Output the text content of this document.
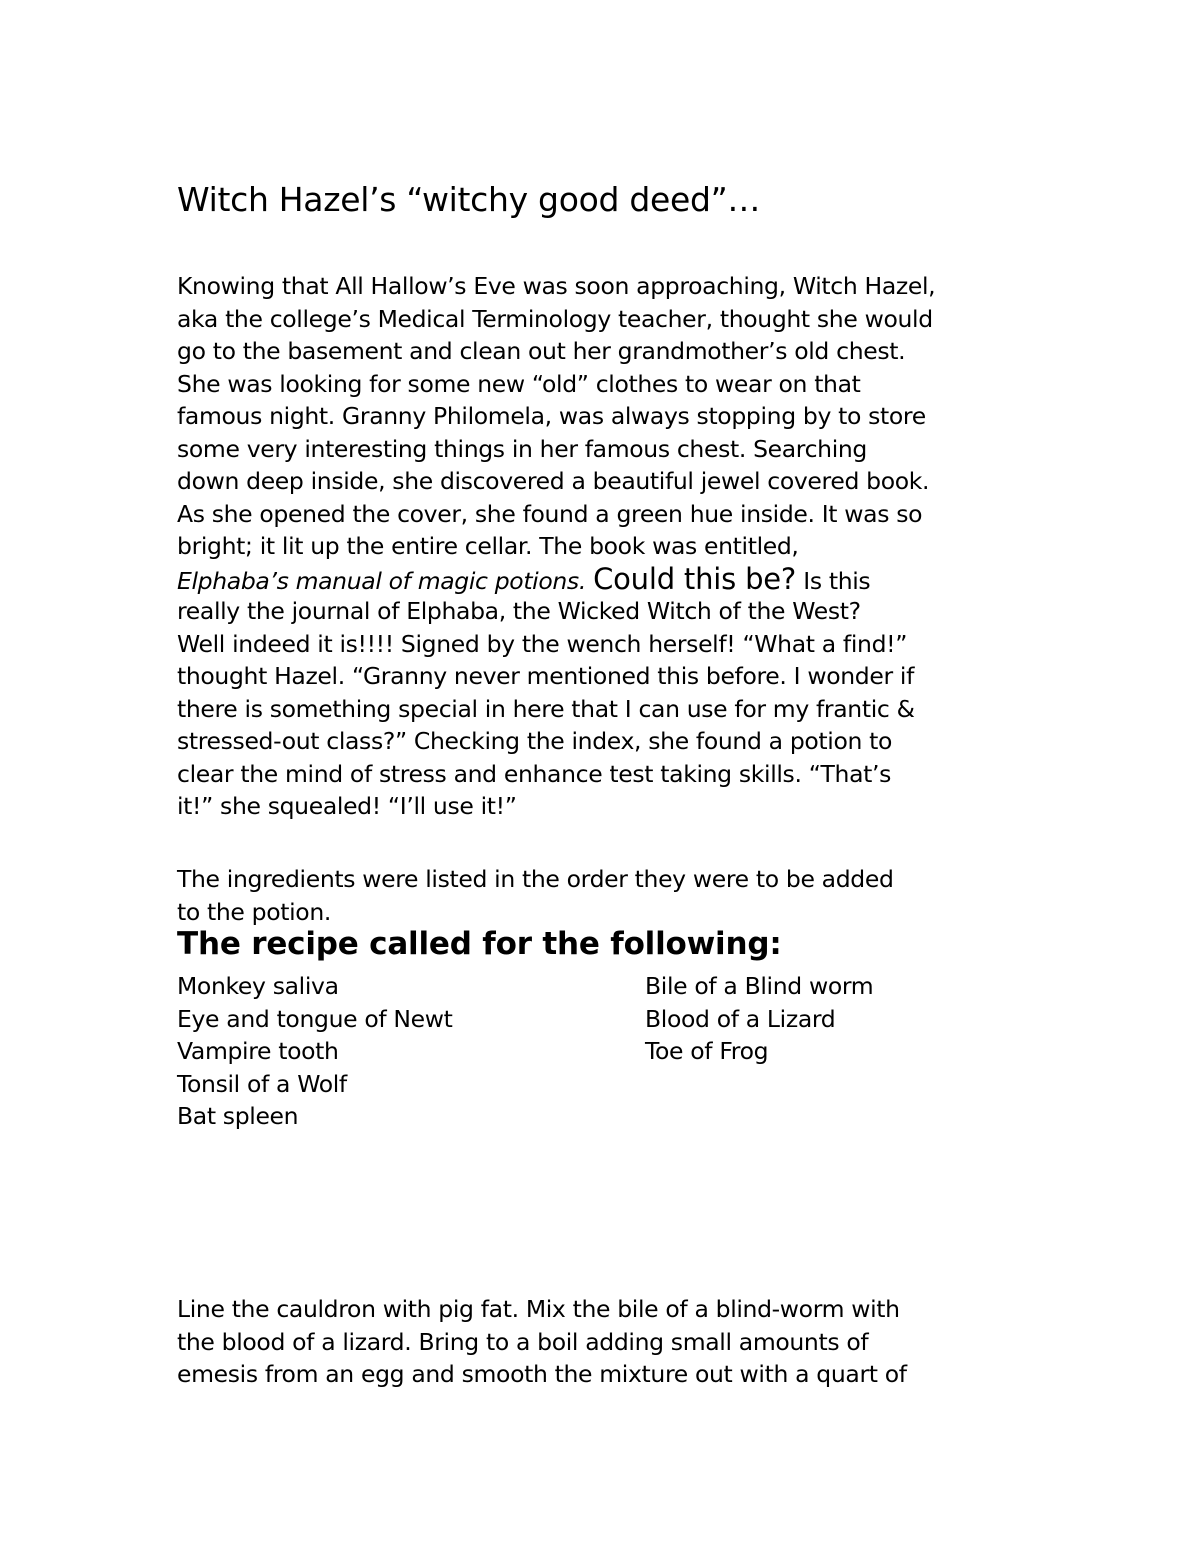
Witch Hazel’s “witchy good deed”…
Knowing that All Hallow’s Eve was soon approaching, Witch Hazel,
aka the college’s Medical Terminology teacher, thought she would
go to the basement and clean out her grandmother’s old chest.
She was looking for some new “old” clothes to wear on that
famous night. Granny Philomela, was always stopping by to store
some very interesting things in her famous chest. Searching
down deep inside, she discovered a beautiful jewel covered book.
As she opened the cover, she found a green hue inside. It was so
bright; it lit up the entire cellar. The book was entitled,
Elphaba’s manual of magic potions. Could this be? Is this
really the journal of Elphaba, the Wicked Witch of the West?
Well indeed it is!!!! Signed by the wench herself! “What a find!”
thought Hazel. “Granny never mentioned this before. I wonder if
there is something special in here that I can use for my frantic &
stressed-out class?” Checking the index, she found a potion to
clear the mind of stress and enhance test taking skills. “That’s
it!” she squealed! “I’ll use it!”
The ingredients were listed in the order they were to be added
to the potion.
The recipe called for the following:
Monkey saliva
Eye and tongue of Newt
Vampire tooth
Tonsil of a Wolf
Bat spleen
Bile of a Blind worm
Blood of a Lizard
Toe of Frog
Line the cauldron with pig fat. Mix the bile of a blind-worm with
the blood of a lizard. Bring to a boil adding small amounts of
emesis from an egg and smooth the mixture out with a quart of
